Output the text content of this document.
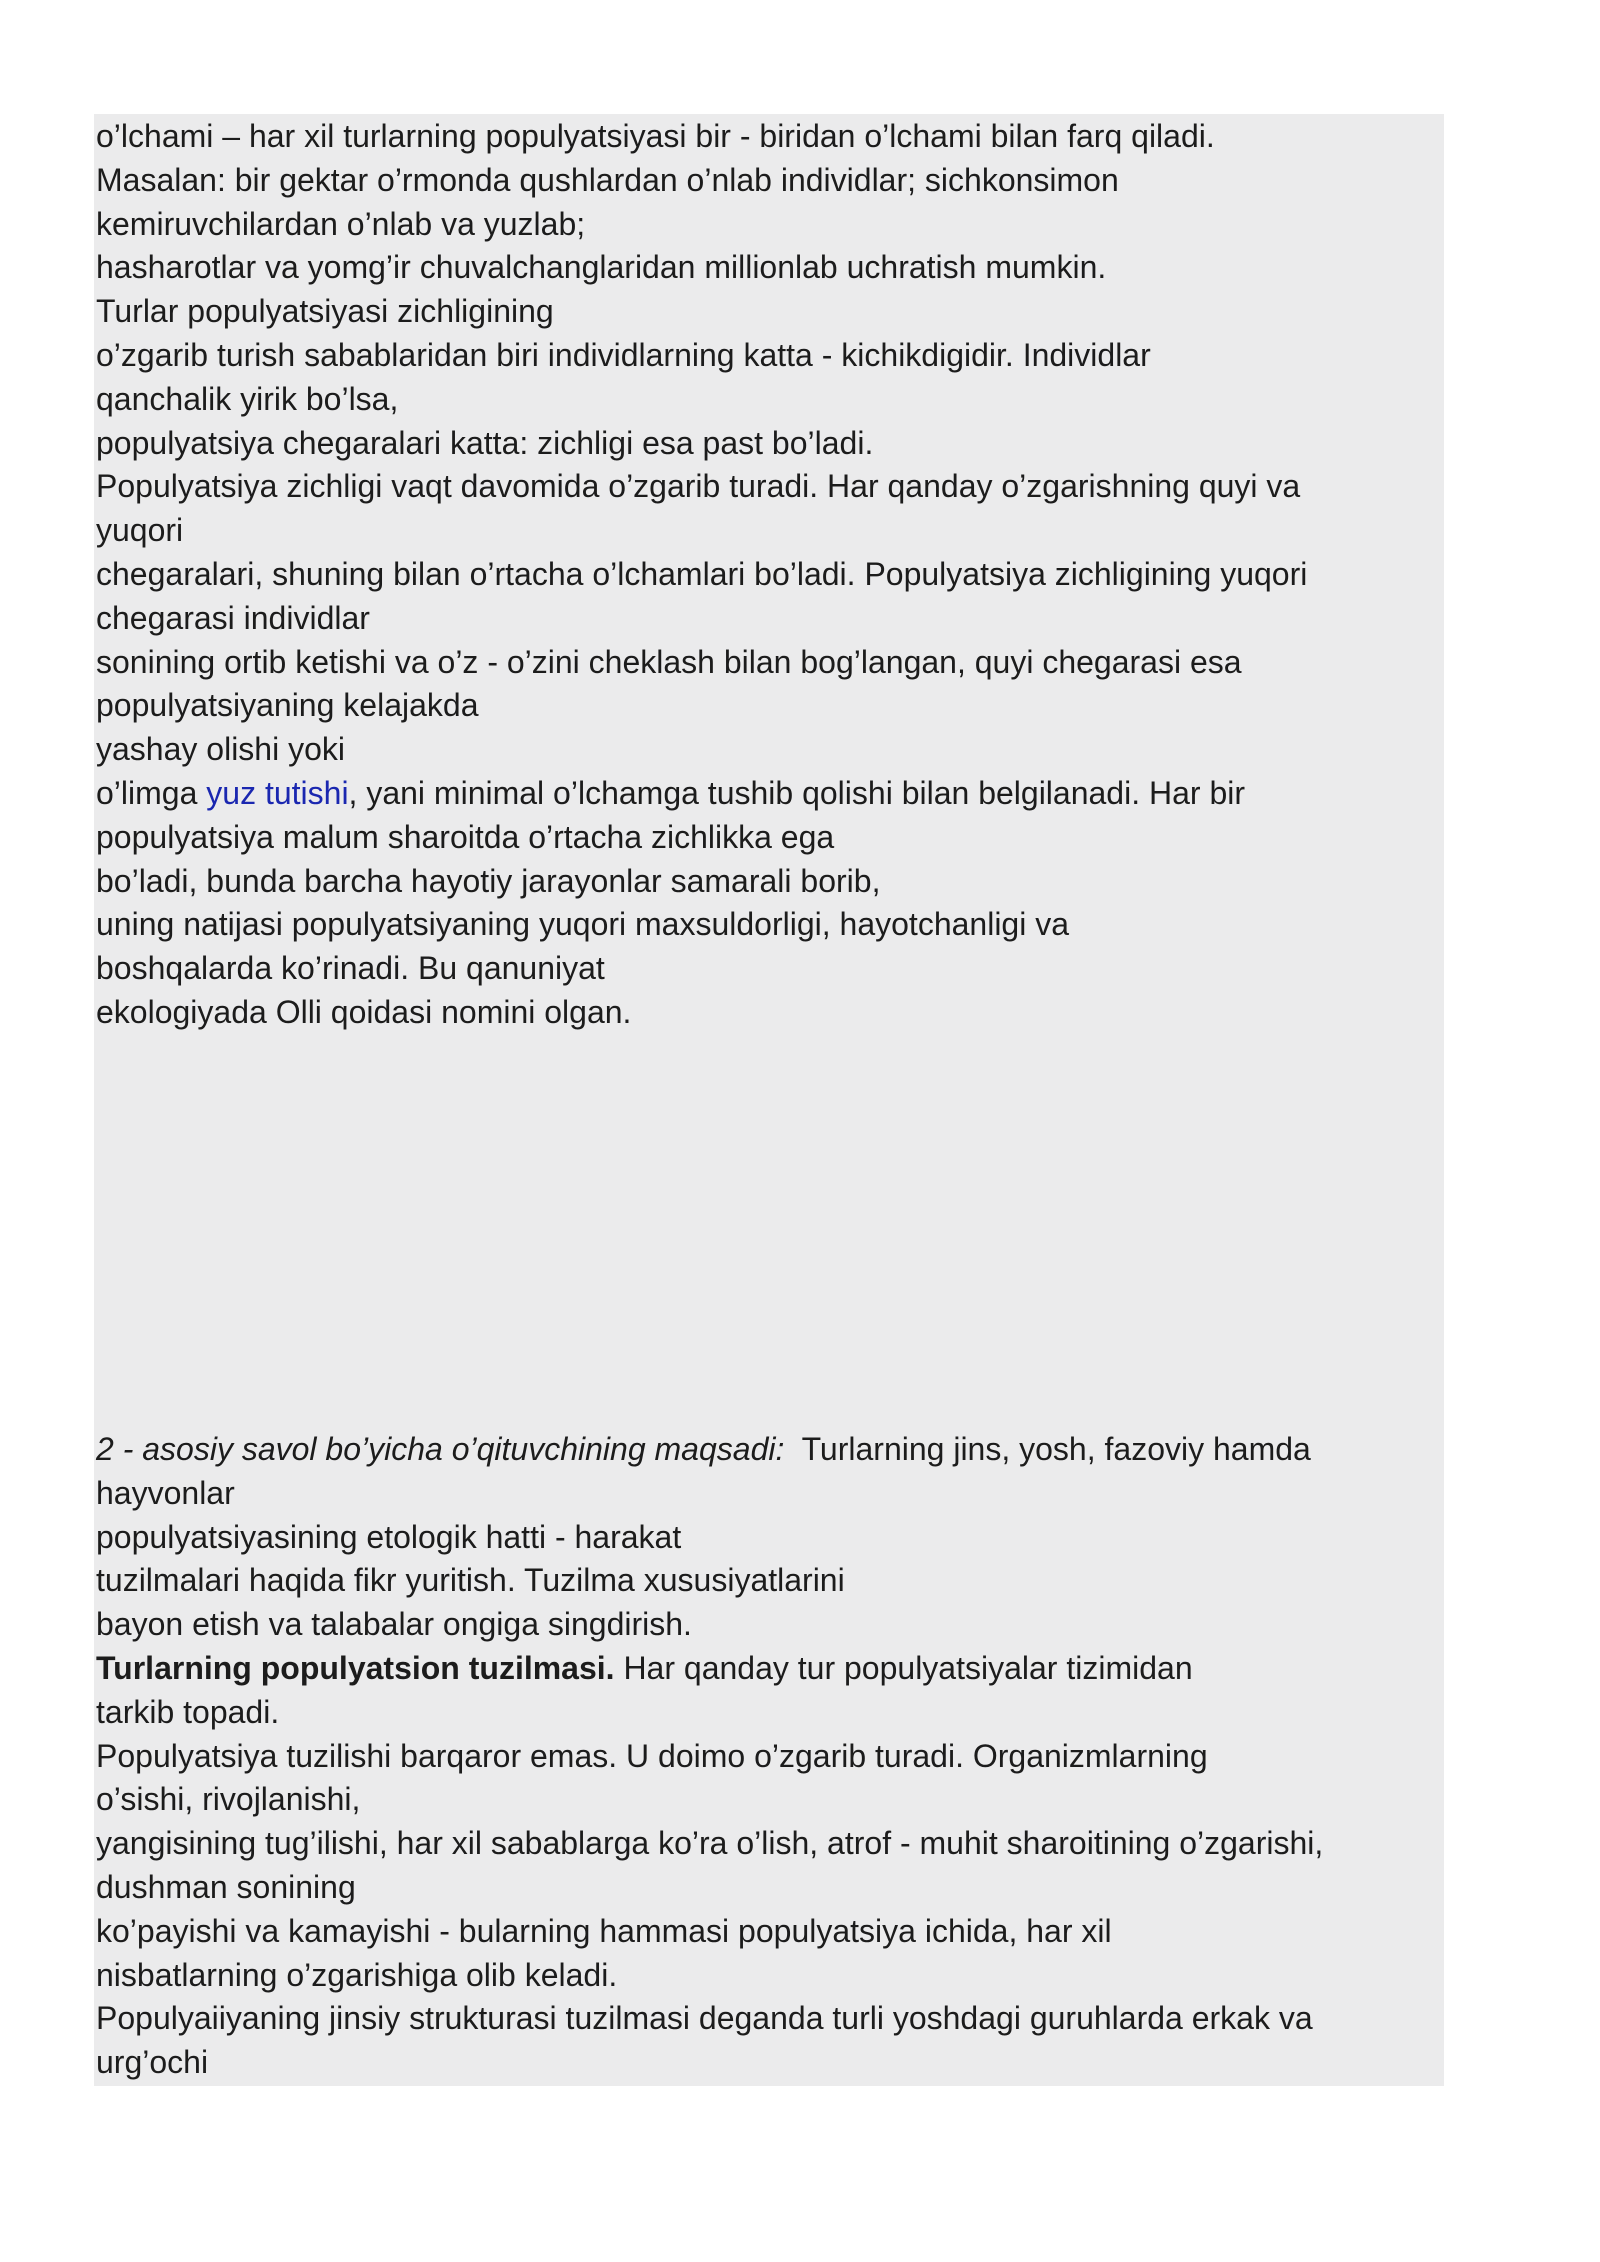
o’lchami – har xil turlarning populyatsiyasi bir - biridan o’lchami bilan farq qiladi.
Masalan: bir gektar o’rmonda qushlardan o’nlab individlar; sichkonsimon
kemiruvchilardan o’nlab va yuzlab;
hasharotlar va yomg’ir chuvalchanglaridan millionlab uchratish mumkin.
Turlar populyatsiyasi zichligining
o’zgarib turish sabablaridan biri individlarning katta - kichikdigidir. Individlar
qanchalik yirik bo’lsa,
populyatsiya chegaralari katta: zichligi esa past bo’ladi.
Populyatsiya zichligi vaqt davomida o’zgarib turadi. Har qanday o’zgarishning quyi va
yuqori
chegaralari, shuning bilan o’rtacha o’lchamlari bo’ladi. Populyatsiya zichligining yuqori
chegarasi individlar
sonining ortib ketishi va o’z - o’zini cheklash bilan bog’langan, quyi chegarasi esa
populyatsiyaning kelajakda
yashay olishi yoki
o’limga yuz tutishi, yani minimal o’lchamga tushib qolishi bilan belgilanadi. Har bir
populyatsiya malum sharoitda o’rtacha zichlikka ega
bo’ladi, bunda barcha hayotiy jarayonlar samarali borib,
uning natijasi populyatsiyaning yuqori maxsuldorligi, hayotchanligi va
boshqalarda ko’rinadi. Bu qanuniyat
ekologiyada Olli qoidasi nomini olgan.
2 - asosiy savol bo’yicha o’qituvchining maqsadi:  Turlarning jins, yosh, fazoviy hamda
hayvonlar
populyatsiyasining etologik hatti - harakat
tuzilmalari haqida fikr yuritish. Tuzilma xususiyatlarini
bayon etish va talabalar ongiga singdirish.
Turlarning populyatsion tuzilmasi. Har qanday tur populyatsiyalar tizimidan
tarkib topadi.
Populyatsiya tuzilishi barqaror emas. U doimo o’zgarib turadi. Organizmlarning
o’sishi, rivojlanishi,
yangisining tug’ilishi, har xil sabablarga ko’ra o’lish, atrof - muhit sharoitining o’zgarishi,
dushman sonining
ko’payishi va kamayishi - bularning hammasi populyatsiya ichida, har xil
nisbatlarning o’zgarishiga olib keladi.
Populyaiiyaning jinsiy strukturasi tuzilmasi deganda turli yoshdagi guruhlarda erkak va
urg’ochi
